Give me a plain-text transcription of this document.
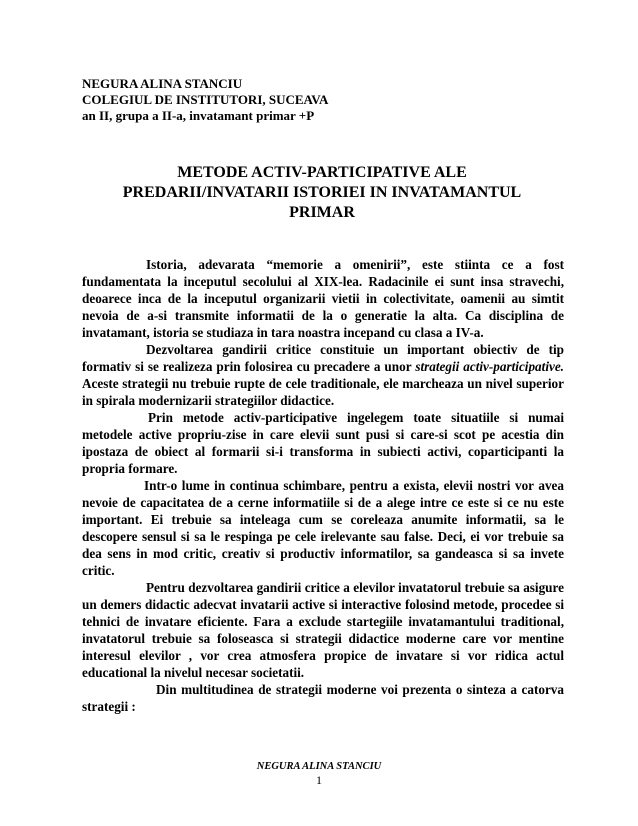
NEGURA ALINA STANCIU
COLEGIUL DE INSTITUTORI, SUCEAVA
an II, grupa a II-a, invatamant primar +P
METODE ACTIV-PARTICIPATIVE ALE
PREDARII/INVATARII ISTORIEI IN INVATAMANTUL
PRIMAR

Istoria, adevarata “memorie a omenirii”, este stiinta ce a fost fundamentata la inceputul secolului al XIX-lea. Radacinile ei sunt insa stravechi, deoarece inca de la inceputul organizarii vietii in colectivitate, oamenii au simtit nevoia de a-si transmite informatii de la o generatie la alta. Ca disciplina de invatamant, istoria se studiaza in tara noastra incepand cu clasa a IV-a.

Dezvoltarea gandirii critice constituie un important obiectiv de tip formativ si se realizeza prin folosirea cu precadere a unor strategii activ-participative. Aceste strategii nu trebuie rupte de cele traditionale, ele marcheaza un nivel superior in spirala modernizarii strategiilor didactice.

Prin metode activ-participative ingelegem toate situatiile si numai metodele active propriu-zise in care elevii sunt pusi si care-si scot pe acestia din ipostaza de obiect al formarii si-i transforma in subiecti activi, coparticipanti la propria formare.

Intr-o lume in continua schimbare, pentru a exista, elevii nostri vor avea nevoie de capacitatea de a cerne informatiile si de a alege intre ce este si ce nu este important. Ei trebuie sa inteleaga cum se coreleaza anumite informatii, sa le descopere sensul si sa le respinga pe cele irelevante sau false. Deci, ei vor trebuie sa dea sens in mod critic, creativ si productiv informatilor, sa gandeasca si sa invete critic.

Pentru dezvoltarea gandirii critice a elevilor invatatorul trebuie sa asigure un demers didactic adecvat invatarii active si interactive folosind metode, procedee si tehnici de invatare eficiente. Fara a exclude startegiile invatamantului traditional, invatatorul trebuie sa foloseasca si strategii didactice moderne care vor mentine interesul elevilor , vor crea atmosfera propice de invatare si vor ridica actul educational la nivelul necesar societatii.

Din multitudinea de strategii moderne voi prezenta o sinteza a catorva strategii :

NEGURA ALINA STANCIU
1
